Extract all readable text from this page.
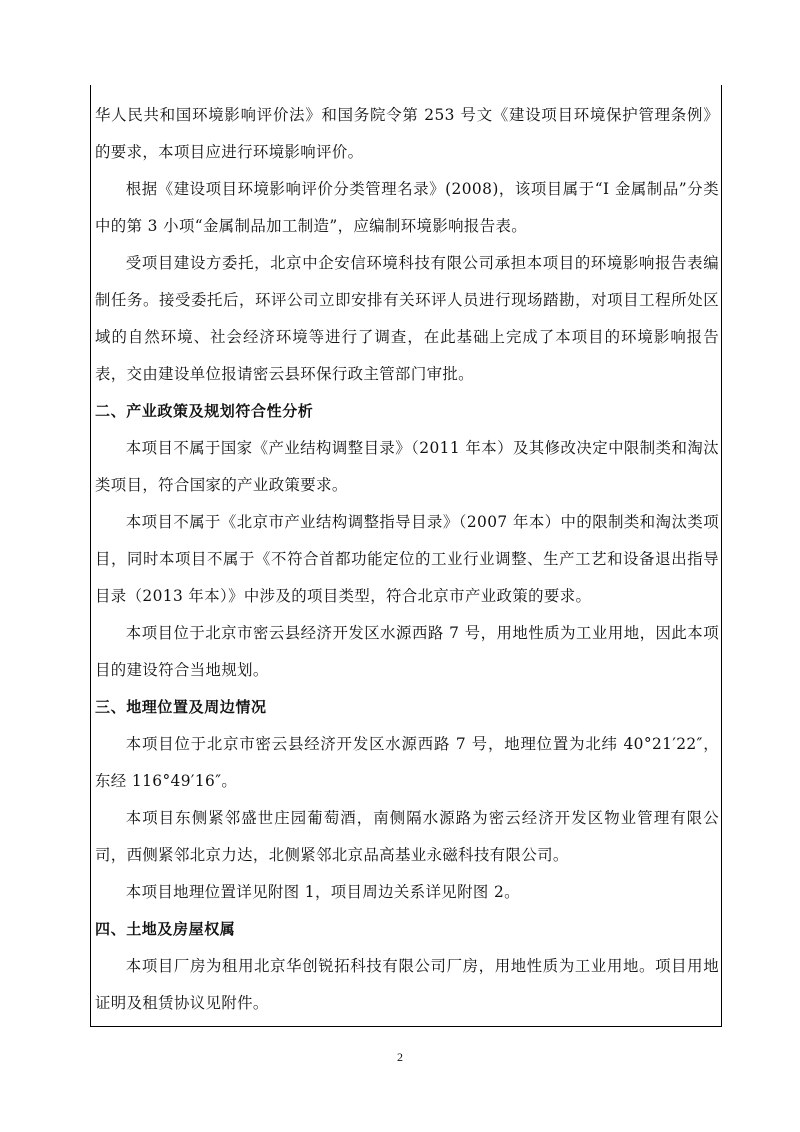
华人民共和国环境影响评价法》和国务院令第 253 号文《建设项目环境保护管理条例》的要求，本项目应进行环境影响评价。

根据《建设项目环境影响评价分类管理名录》(2008)，该项目属于“I 金属制品”分类中的第 3 小项“金属制品加工制造”，应编制环境影响报告表。

受项目建设方委托，北京中企安信环境科技有限公司承担本项目的环境影响报告表编制任务。接受委托后，环评公司立即安排有关环评人员进行现场踏勘，对项目工程所处区域的自然环境、社会经济环境等进行了调查，在此基础上完成了本项目的环境影响报告表，交由建设单位报请密云县环保行政主管部门审批。

二、产业政策及规划符合性分析

本项目不属于国家《产业结构调整目录》（2011 年本）及其修改决定中限制类和淘汰类项目，符合国家的产业政策要求。

本项目不属于《北京市产业结构调整指导目录》（2007 年本）中的限制类和淘汰类项目，同时本项目不属于《不符合首都功能定位的工业行业调整、生产工艺和设备退出指导目录（2013 年本）》中涉及的项目类型，符合北京市产业政策的要求。

本项目位于北京市密云县经济开发区水源西路 7 号，用地性质为工业用地，因此本项目的建设符合当地规划。

三、地理位置及周边情况

本项目位于北京市密云县经济开发区水源西路 7 号，地理位置为北纬 40°21′22″，东经 116°49′16″。

本项目东侧紧邻盛世庄园葡萄酒，南侧隔水源路为密云经济开发区物业管理有限公司，西侧紧邻北京力达，北侧紧邻北京品高基业永磁科技有限公司。

本项目地理位置详见附图 1，项目周边关系详见附图 2。

四、土地及房屋权属

本项目厂房为租用北京华创锐拓科技有限公司厂房，用地性质为工业用地。项目用地证明及租赁协议见附件。

2
